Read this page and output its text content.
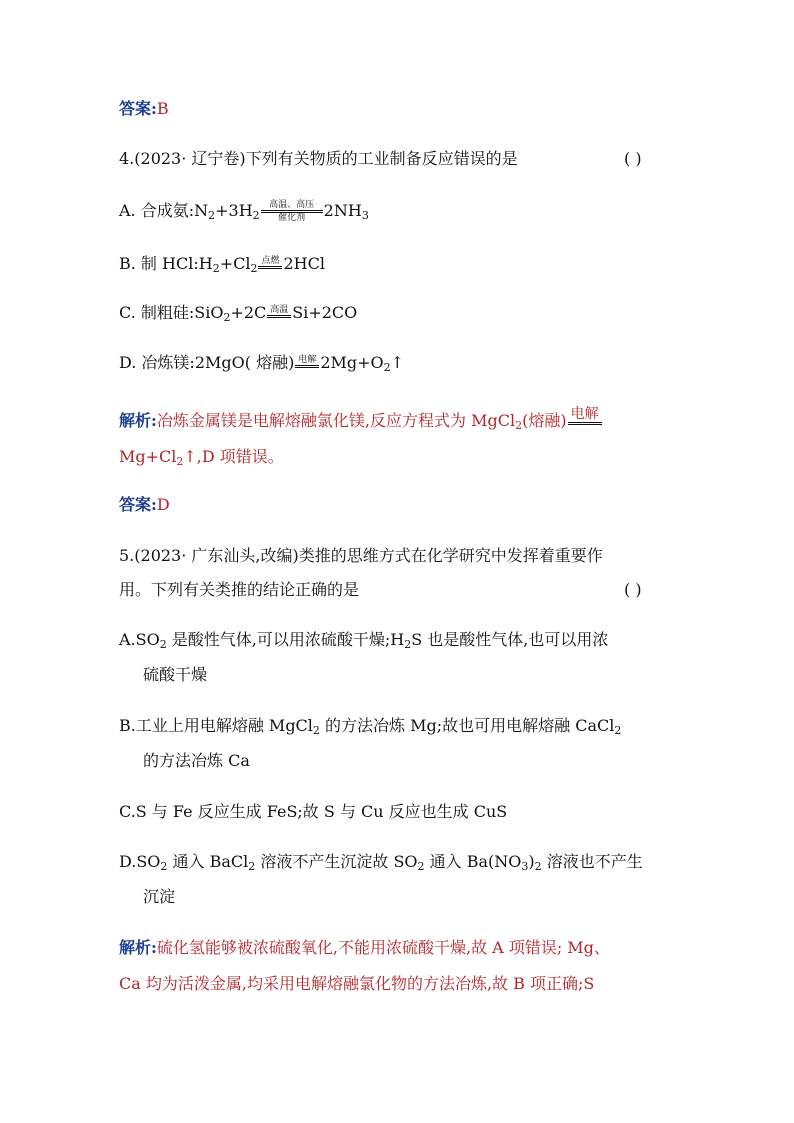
答案:B
4.(2023· 辽宁卷)下列有关物质的工业制备反应错误的是	( )
A. 合成氨$:N_2+3H_2$
高温、高压
催化剂	$2NH_3$
B. 制 $HCl:H_2+Cl_2$
点燃 2HCl
C. 制粗硅:SiO$_2$+2C 高温 Si+2CO
D. 冶炼镁:2MgO( 熔融) 电解 $2Mg+O_2↑$
解析:冶炼金属镁是电解熔融氯化镁,反应方程式为 MgCl$_2$(熔融) 电解
$Mg+Cl_2↑,D$ 项错误。
答案:D
5.(2023· 广东汕头,改编)类推的思维方式在化学研究中发挥着重要作
用。下列有关类推的结论正确的是	( )
$A.SO_2$ 是酸性气体,可以用浓硫酸干燥$;H_2S$ 也是酸性气体,也可以用浓
硫酸干燥
B.工业上用电解熔融 MgCl$_2$ 的方法冶炼 Mg;故也可用电解熔融 CaCl$_2$
的方法冶炼 Ca
C.S 与 Fe 反应生成 FeS;故 S 与 Cu 反应也生成 CuS
$D.SO_2$ 通入 BaCl$_2$ 溶液不产生沉淀故 $SO_2$ 通入 $Ba(NO_3)_2$ 溶液也不产生
沉淀
解析:硫化氢能够被浓硫酸氧化,不能用浓硫酸干燥,故 A 项错误; Mg、
Ca 均为活泼金属,均采用电解熔融氯化物的方法冶炼,故 B 项正确;S
